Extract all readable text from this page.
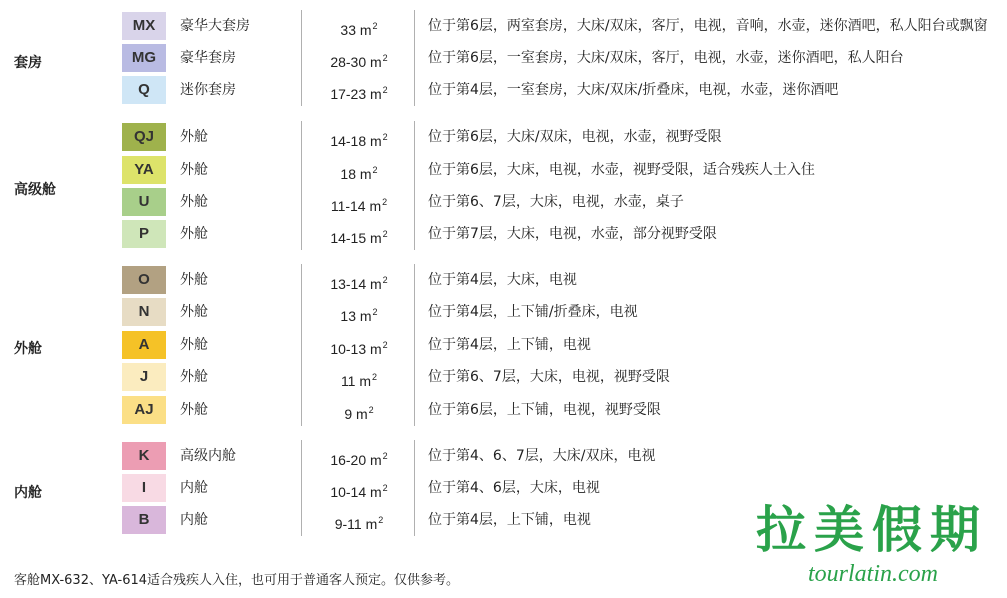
套房
MX	豪华大套房	33 $m^2$	位于第6层，两室套房，大床/双床，客厅，电视，音响，水壶，迷你酒吧，私人阳台或飘窗
MG	豪华套房	28-30 $m^2$	位于第6层，一室套房，大床/双床，客厅，电视，水壶，迷你酒吧，私人阳台
Q	迷你套房	17-23 $m^2$	位于第4层，一室套房，大床/双床/折叠床，电视，水壶，迷你酒吧
高级舱
QJ	外舱	14-18 $m^2$	位于第6层，大床/双床，电视，水壶，视野受限
YA	外舱	18 $m^2$	位于第6层，大床，电视，水壶，视野受限，适合残疾人士入住
U	外舱	11-14 $m^2$	位于第6、7层，大床，电视，水壶，桌子
P	外舱	14-15 $m^2$	位于第7层，大床，电视，水壶，部分视野受限
外舱
O	外舱	13-14 $m^2$	位于第4层，大床，电视
N	外舱	13 $m^2$	位于第4层，上下铺/折叠床，电视
A	外舱	10-13 $m^2$	位于第4层，上下铺，电视
J	外舱	11 $m^2$	位于第6、7层，大床，电视，视野受限
AJ	外舱	9 $m^2$	位于第6层，上下铺，电视，视野受限
内舱
K	高级内舱	16-20 $m^2$	位于第4、6、7层，大床/双床，电视
I	内舱	10-14 $m^2$	位于第4、6层，大床，电视
B	内舱	9-11 $m^2$	位于第4层，上下铺，电视
客舱MX-632、YA-614适合残疾人入住，也可用于普通客人预定。仅供参考。
拉美假期
tourlatin.com
